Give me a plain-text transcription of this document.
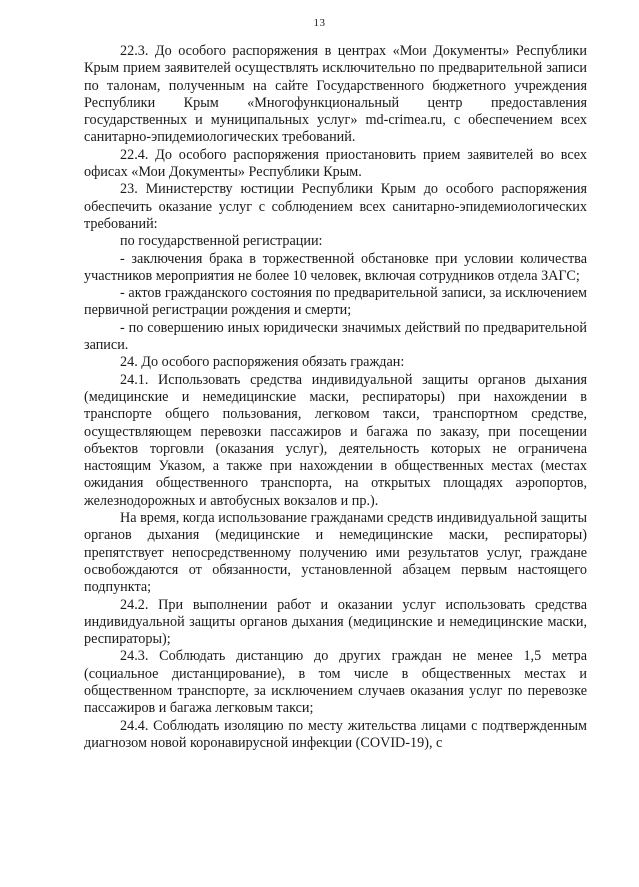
13

22.3. До особого распоряжения в центрах «Мои Документы» Республики Крым прием заявителей осуществлять исключительно по предварительной записи по талонам, полученным на сайте Государственного бюджетного учреждения Республики Крым «Многофункциональный центр предоставления государственных и муниципальных услуг» md-crimea.ru, с обеспечением всех санитарно-эпидемиологических требований.

22.4. До особого распоряжения приостановить прием заявителей во всех офисах «Мои Документы» Республики Крым.

23. Министерству юстиции Республики Крым до особого распоряжения обеспечить оказание услуг с соблюдением всех санитарно-эпидемиологических требований:

по государственной регистрации:

- заключения брака в торжественной обстановке при условии количества участников мероприятия не более 10 человек, включая сотрудников отдела ЗАГС;

- актов гражданского состояния по предварительной записи, за исключением первичной регистрации рождения и смерти;

- по совершению иных юридически значимых действий по предварительной записи.

24. До особого распоряжения обязать граждан:

24.1. Использовать средства индивидуальной защиты органов дыхания (медицинские и немедицинские маски, респираторы) при нахождении в транспорте общего пользования, легковом такси, транспортном средстве, осуществляющем перевозки пассажиров и багажа по заказу, при посещении объектов торговли (оказания услуг), деятельность которых не ограничена настоящим Указом, а также при нахождении в общественных местах (местах ожидания общественного транспорта, на открытых площадях аэропортов, железнодорожных и автобусных вокзалов и пр.).

На время, когда использование гражданами средств индивидуальной защиты органов дыхания (медицинские и немедицинские маски, респираторы) препятствует непосредственному получению ими результатов услуг, граждане освобождаются от обязанности, установленной абзацем первым настоящего подпункта;

24.2. При выполнении работ и оказании услуг использовать средства индивидуальной защиты органов дыхания (медицинские и немедицинские маски, респираторы);

24.3. Соблюдать дистанцию до других граждан не менее 1,5 метра (социальное дистанцирование), в том числе в общественных местах и общественном транспорте, за исключением случаев оказания услуг по перевозке пассажиров и багажа легковым такси;

24.4. Соблюдать изоляцию по месту жительства лицами с подтвержденным диагнозом новой коронавирусной инфекции (COVID-19), с
